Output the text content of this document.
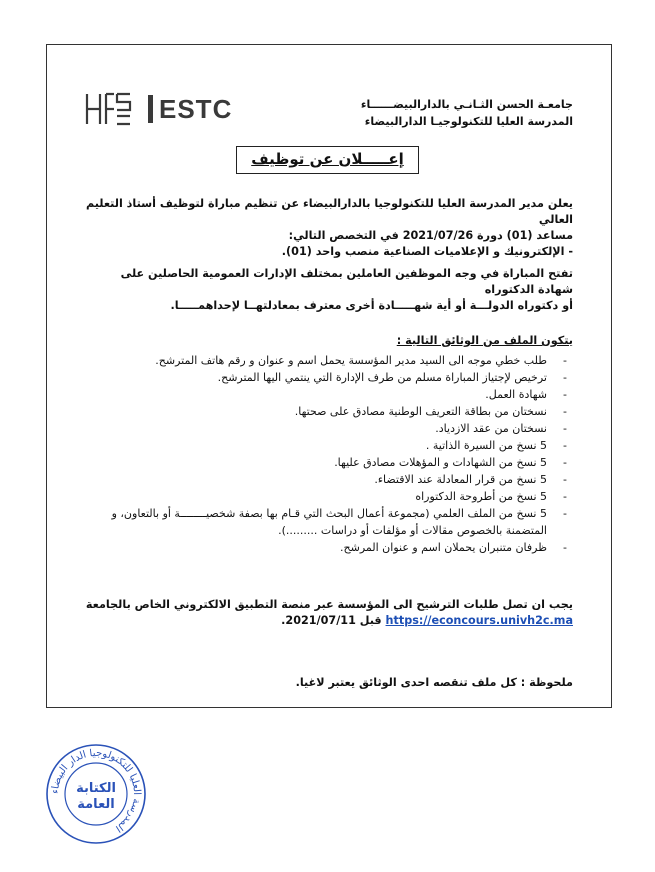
ESTC	جامعـة الحسن الثـانـي بالدارالبيضــــــاء
المدرسة العليا للتكنولوجيـا الدارالبيضاء
إعـــــلان عن توظيف
يعلن مدير المدرسة العليا للتكنولوجيا بالدارالبيضاء عن تنظيم مباراة لتوظيف أستاذ التعليم العالي
مساعد (01) دورة 2021/07/26 في التخصص التالي:
- الإلكترونيك و الإعلاميات الصناعية منصب واحد (01).
تفتح المباراة في وجه الموظفين العاملين بمختلف الإدارات العمومية الحاصلين على شهادة الدكتوراه
أو دكتوراه الدولـــة أو أية شهـــــادة أخرى معترف بمعادلتهــا لإحداهمـــــا.
يتكون الملف من الوثائق التالية :
- طلب خطي موجه الى السيد مدير المؤسسة يحمل اسم و عنوان و رقم هاتف المترشح.
- ترخيص لإجتياز المباراة مسلم من طرف الإدارة التي ينتمي اليها المترشح.
- شهادة العمل.
- نسختان من بطاقة التعريف الوطنية مصادق على صحتها.
- نسختان من عقد الازدياد.
- 5 نسخ من السيرة الذاتية .
- 5 نسخ من الشهادات و المؤهلات مصادق عليها.
- 5 نسخ من قرار المعادلة عند الاقتضاء.
- 5 نسخ من أطروحة الدكتوراه
- 5 نسخ من الملف العلمي (مجموعة أعمال البحث التي قـام بها بصفة شخصيــــــــة أو بالتعاون، و المتضمنة بالخصوص مقالات أو مؤلفات أو دراسات .........).
- ظرفان متنبران يحملان اسم و عنوان المرشح.
يجب ان تصل طلبات الترشيح الى المؤسسة عبر منصة التطبيق الالكتروني الخاص بالجامعة
https://econcours.univh2c.ma قبل 2021/07/11.
ملحوظة : كل ملف تنقصه احدى الوثائق يعتبر لاغيا.
المدرسة العليا للتكنولوجيا الدار البيضاء
الكتابة
العامة
